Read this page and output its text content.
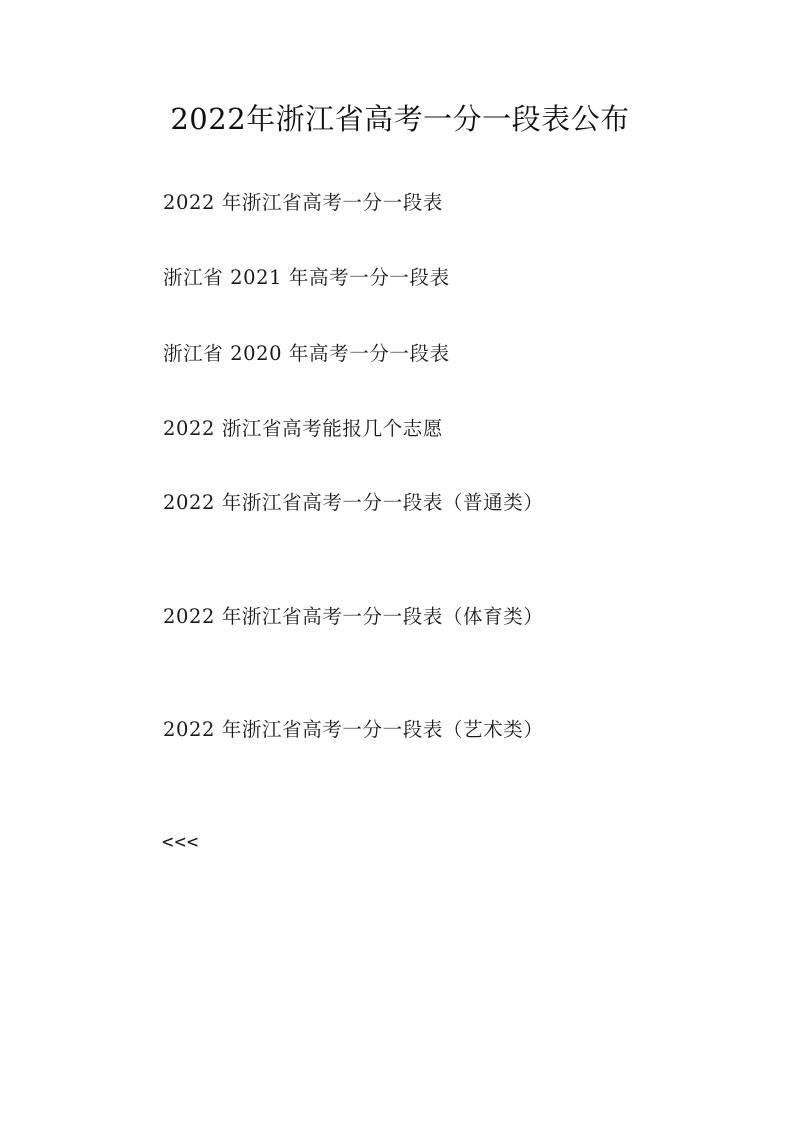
2022年浙江省高考一分一段表公布
2022 年浙江省高考一分一段表
浙江省 2021 年高考一分一段表
浙江省 2020 年高考一分一段表
2022 浙江省高考能报几个志愿
2022 年浙江省高考一分一段表（普通类）
2022 年浙江省高考一分一段表（体育类）
2022 年浙江省高考一分一段表（艺术类）
<<<
